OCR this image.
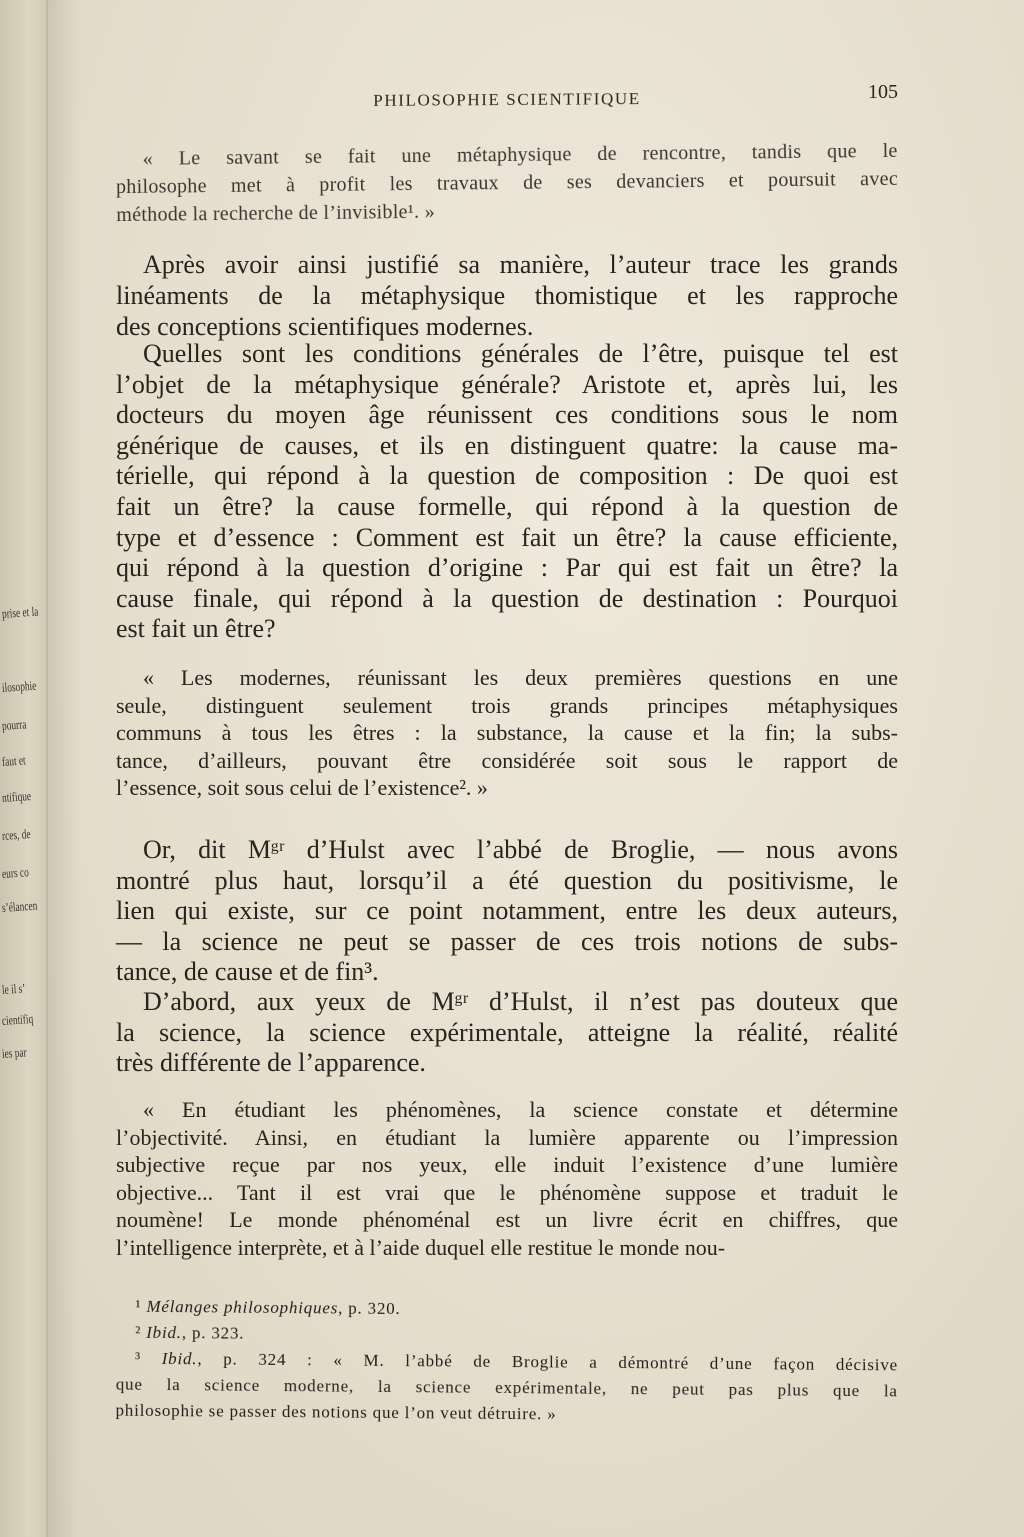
prise et la
ilosophie
pourra
faut et
ntifique
rces, de
eurs co
s’élancen
le il s’
cientifiq
ies par
PHILOSOPHIE SCIENTIFIQUE	105
« Le savant se fait une métaphysique de rencontre, tandis que le
philosophe met à profit les travaux de ses devanciers et poursuit avec
méthode la recherche de l’invisible¹. »
Après avoir ainsi justifié sa manière, l’auteur trace les grands
linéaments de la métaphysique thomistique et les rapproche
des conceptions scientifiques modernes.
Quelles sont les conditions générales de l’être, puisque tel est
l’objet de la métaphysique générale? Aristote et, après lui, les
docteurs du moyen âge réunissent ces conditions sous le nom
générique de causes, et ils en distinguent quatre: la cause ma-
térielle, qui répond à la question de composition : De quoi est
fait un être? la cause formelle, qui répond à la question de
type et d’essence : Comment est fait un être? la cause efficiente,
qui répond à la question d’origine : Par qui est fait un être? la
cause finale, qui répond à la question de destination : Pourquoi
est fait un être?
« Les modernes, réunissant les deux premières questions en une
seule, distinguent seulement trois grands principes métaphysiques
communs à tous les êtres : la substance, la cause et la fin; la subs-
tance, d’ailleurs, pouvant être considérée soit sous le rapport de
l’essence, soit sous celui de l’existence². »
Or, dit Mᵍʳ d’Hulst avec l’abbé de Broglie, — nous avons
montré plus haut, lorsqu’il a été question du positivisme, le
lien qui existe, sur ce point notamment, entre les deux auteurs,
— la science ne peut se passer de ces trois notions de subs-
tance, de cause et de fin³.
D’abord, aux yeux de Mᵍʳ d’Hulst, il n’est pas douteux que
la science, la science expérimentale, atteigne la réalité, réalité
très différente de l’apparence.
« En étudiant les phénomènes, la science constate et détermine
l’objectivité. Ainsi, en étudiant la lumière apparente ou l’impression
subjective reçue par nos yeux, elle induit l’existence d’une lumière
objective... Tant il est vrai que le phénomène suppose et traduit le
noumène! Le monde phénoménal est un livre écrit en chiffres, que
l’intelligence interprète, et à l’aide duquel elle restitue le monde nou-
¹ Mélanges philosophiques, p. 320.
² Ibid., p. 323.
³ Ibid., p. 324 : « M. l’abbé de Broglie a démontré d’une façon décisive
que la science moderne, la science expérimentale, ne peut pas plus que la
philosophie se passer des notions que l’on veut détruire. »
